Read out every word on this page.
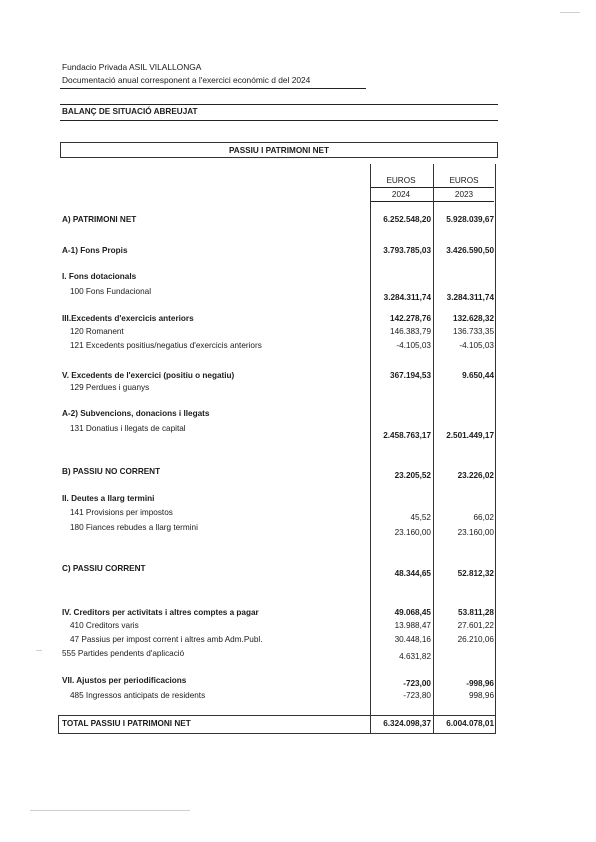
Fundacio Privada ASIL VILALLONGA
Documentació anual corresponent a l'exercici económic d del 2024
BALANÇ DE SITUACIÓ ABREUJAT
PASSIU I PATRIMONI NET
EUROS	EUROS
2024	2023
A) PATRIMONI NET	6.252.548,20 5.928.039,67
A-1) Fons Propis	3.793.785,03 3.426.590,50
I. Fons dotacionals
100 Fons Fundacional
3.284.311,74 3.284.311,74
III.Excedents d'exercicis anteriors	142.278,76	132.628,32
120 Romanent	146.383,79	136.733,35
121 Excedents positius/negatius d'exercicis anteriors	-4.105,03	-4.105,03
V. Excedents de l'exercici (positiu o negatiu)	367.194,53	9.650,44
129 Perdues i guanys
A-2) Subvencions, donacions i llegats
131 Donatius i llegats de capital
2.458.763,17 2.501.449,17
B) PASSIU NO CORRENT	23.205,52	23.226,02
II. Deutes a llarg termini
141 Provisions per impostos
45,52	66,02
180 Fiances rebudes a llarg termini
23.160,00	23.160,00
C) PASSIU CORRENT
48.344,65	52.812,32
IV. Creditors per activitats i altres comptes a pagar	49.068,45	53.811,28
410 Creditors varis	13.988,47	27.601,22
47 Passius per impost corrent i altres amb Adm.Publ.	30.448,16	26.210,06
555 Partides pendents d'aplicació	4.631,82
VII. Ajustos per periodificacions	-723,00	-998,96
485 Ingressos anticipats de residents	-723,80	998,96
TOTAL PASSIU I PATRIMONI NET	6.324.098,37 6.004.078,01
